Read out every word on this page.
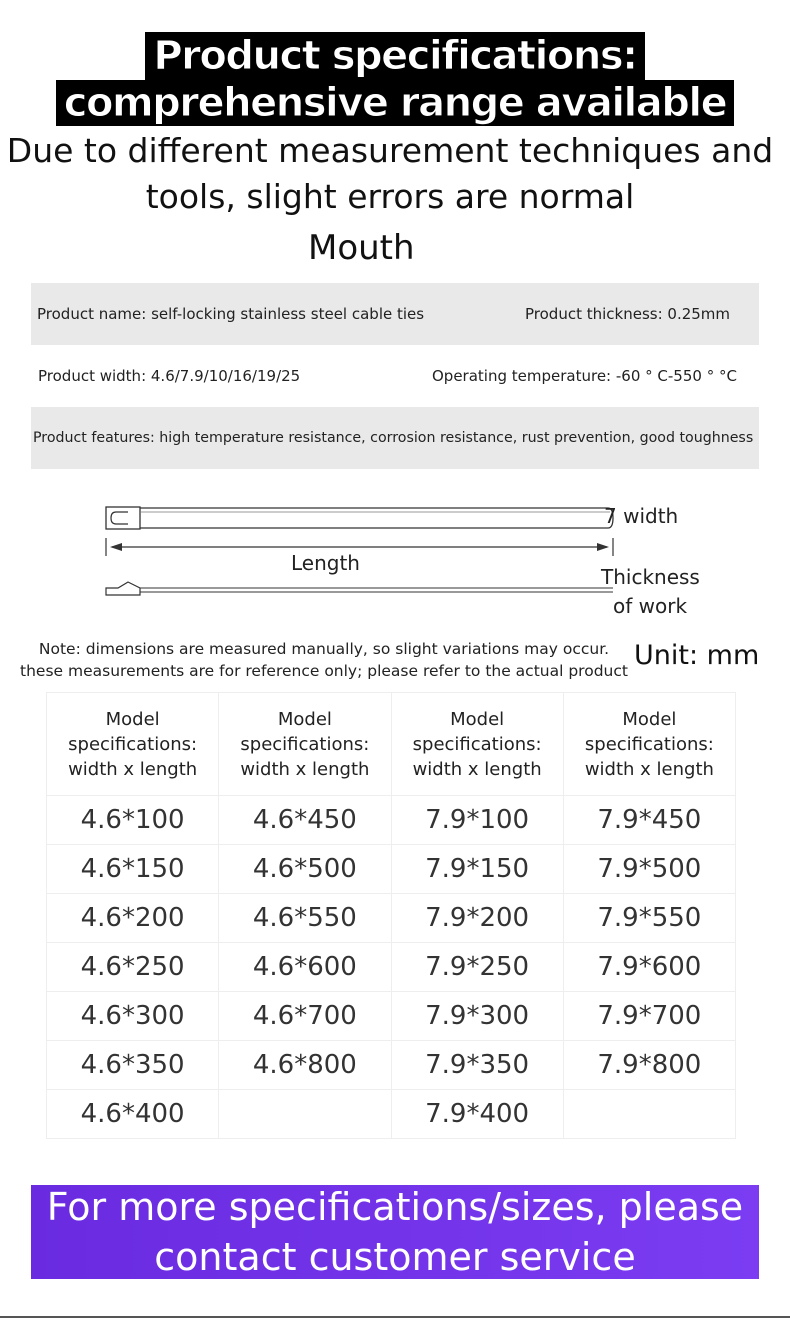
Product specifications:
comprehensive range available
Due to different measurement techniques and tools, slight errors are normal
Mouth
Product name: self-locking stainless steel cable ties	Product thickness: 0.25mm
Product width: 4.6/7.9/10/16/19/25	Operating temperature: -60 ° C-550 ° °C
Product features: high temperature resistance, corrosion resistance, rust prevention, good toughness
7 width
Length
Thickness
of work
Note: dimensions are measured manually, so slight variations may occur.
these measurements are for reference only; please refer to the actual product Unit: mm
Model specifications: width x length	Model specifications: width x length	Model specifications: width x length	Model specifications: width x length
4.6*100	4.6*450	7.9*100	7.9*450
4.6*150	4.6*500	7.9*150	7.9*500
4.6*200	4.6*550	7.9*200	7.9*550
4.6*250	4.6*600	7.9*250	7.9*600
4.6*300	4.6*700	7.9*300	7.9*700
4.6*350	4.6*800	7.9*350	7.9*800
4.6*400		7.9*400	
For more specifications/sizes, please contact customer service
